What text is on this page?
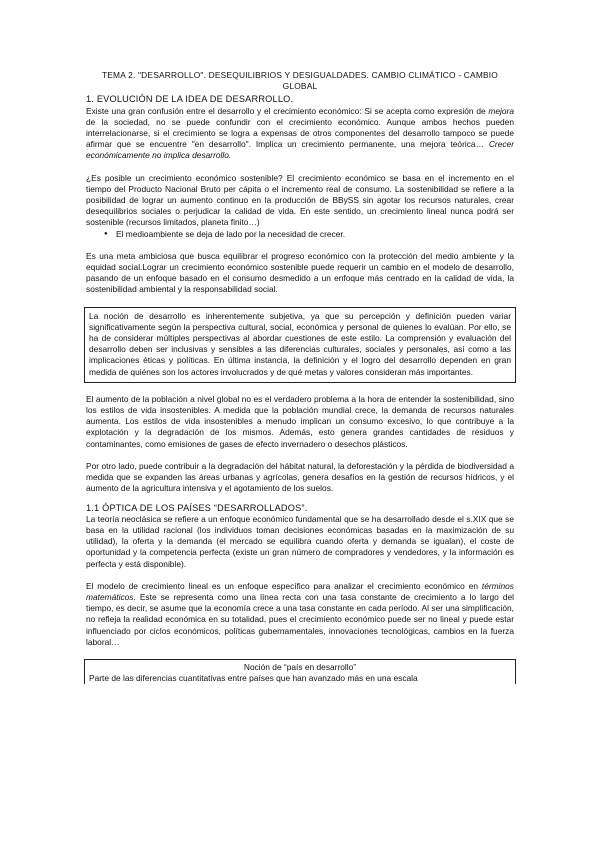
TEMA 2. "DESARROLLO". DESEQUILIBRIOS Y DESIGUALDADES. CAMBIO CLIMÁTICO - CAMBIO GLOBAL

1. EVOLUCIÓN DE LA IDEA DE DESARROLLO.

Existe una gran confusión entre el desarrollo y el crecimiento económico: Si se acepta como expresión de mejora de la sociedad, no se puede confundir con el crecimiento económico. Aunque ambos hechos pueden interrelacionarse, si el crecimiento se logra a expensas de otros componentes del desarrollo tampoco se puede afirmar que se encuentre "en desarrollo". Implica un crecimiento permanente, una mejora teórica… Crecer económicamente no implica desarrollo.

¿Es posible un crecimiento económico sostenible? El crecimiento económico se basa en el incremento en el tiempo del Producto Nacional Bruto per cápita o el incremento real de consumo. La sostenibilidad se refiere a la posibilidad de lograr un aumento continuo en la producción de BBySS sin agotar los recursos naturales, crear desequilibrios sociales o perjudicar la calidad de vida. En este sentido, un crecimiento lineal nunca podrá ser sostenible (recursos limitados, planeta finito…)

● El medioambiente se deja de lado por la necesidad de crecer.

Es una meta ambiciosa que busca equilibrar el progreso económico con la protección del medio ambiente y la equidad social.Lograr un crecimiento económico sostenible puede requerir un cambio en el modelo de desarrollo, pasando de un enfoque basado en el consumo desmedido a un enfoque más centrado en la calidad de vida, la sostenibilidad ambiental y la responsabilidad social.

La noción de desarrollo es inherentemente subjetiva, ya que su percepción y definición pueden variar significativamente según la perspectiva cultural, social, económica y personal de quienes lo evalúan. Por ello, se ha de considerar múltiples perspectivas al abordar cuestiones de este estilo. La comprensión y evaluación del desarrollo deben ser inclusivas y sensibles a las diferencias culturales, sociales y personales, así como a las implicaciones éticas y políticas. En última instancia, la definición y el logro del desarrollo dependen en gran medida de quiénes son los actores involucrados y de qué metas y valores consideran más importantes.

El aumento de la población a nivel global no es el verdadero problema a la hora de entender la sostenibilidad, sino los estilos de vida insostenibles. A medida que la población mundial crece, la demanda de recursos naturales aumenta. Los estilos de vida insostenibles a menudo implican un consumo excesivo, lo que contribuye a la explotación y la degradación de los mismos. Además, esto genera grandes cantidades de residuos y contaminantes, como emisiones de gases de efecto invernadero o desechos plásticos.

Por otro lado, puede contribuir a la degradación del hábitat natural, la deforestación y la pérdida de biodiversidad a medida que se expanden las áreas urbanas y agrícolas, genera desafíos en la gestión de recursos hídricos, y el aumento de la agricultura intensiva y el agotamiento de los suelos.

1.1 ÓPTICA DE LOS PAÍSES “DESARROLLADOS”.

La teoría neoclásica se refiere a un enfoque económico fundamental que se ha desarrollado desde el s.XIX que se basa en la utilidad racional (los individuos toman decisiones económicas basadas en la maximización de su utilidad), la oferta y la demanda (el mercado se equilibra cuando oferta y demanda se igualan), el coste de oportunidad y la competencia perfecta (existe un gran número de compradores y vendedores, y la información es perfecta y está disponible).

El modelo de crecimiento lineal es un enfoque específico para analizar el crecimiento económico en términos matemáticos. Este se representa como una línea recta con una tasa constante de crecimiento a lo largo del tiempo, es decir, se asume que la economía crece a una tasa constante en cada período. Al ser una simplificación, no refleja la realidad económica en su totalidad, pues el crecimiento económico puede ser no lineal y puede estar influenciado por ciclos económicos, políticas gubernamentales, innovaciones tecnológicas, cambios en la fuerza laboral…

Noción de “país en desarrollo”

Parte de las diferencias cuantitativas entre países que han avanzado más en una escala
